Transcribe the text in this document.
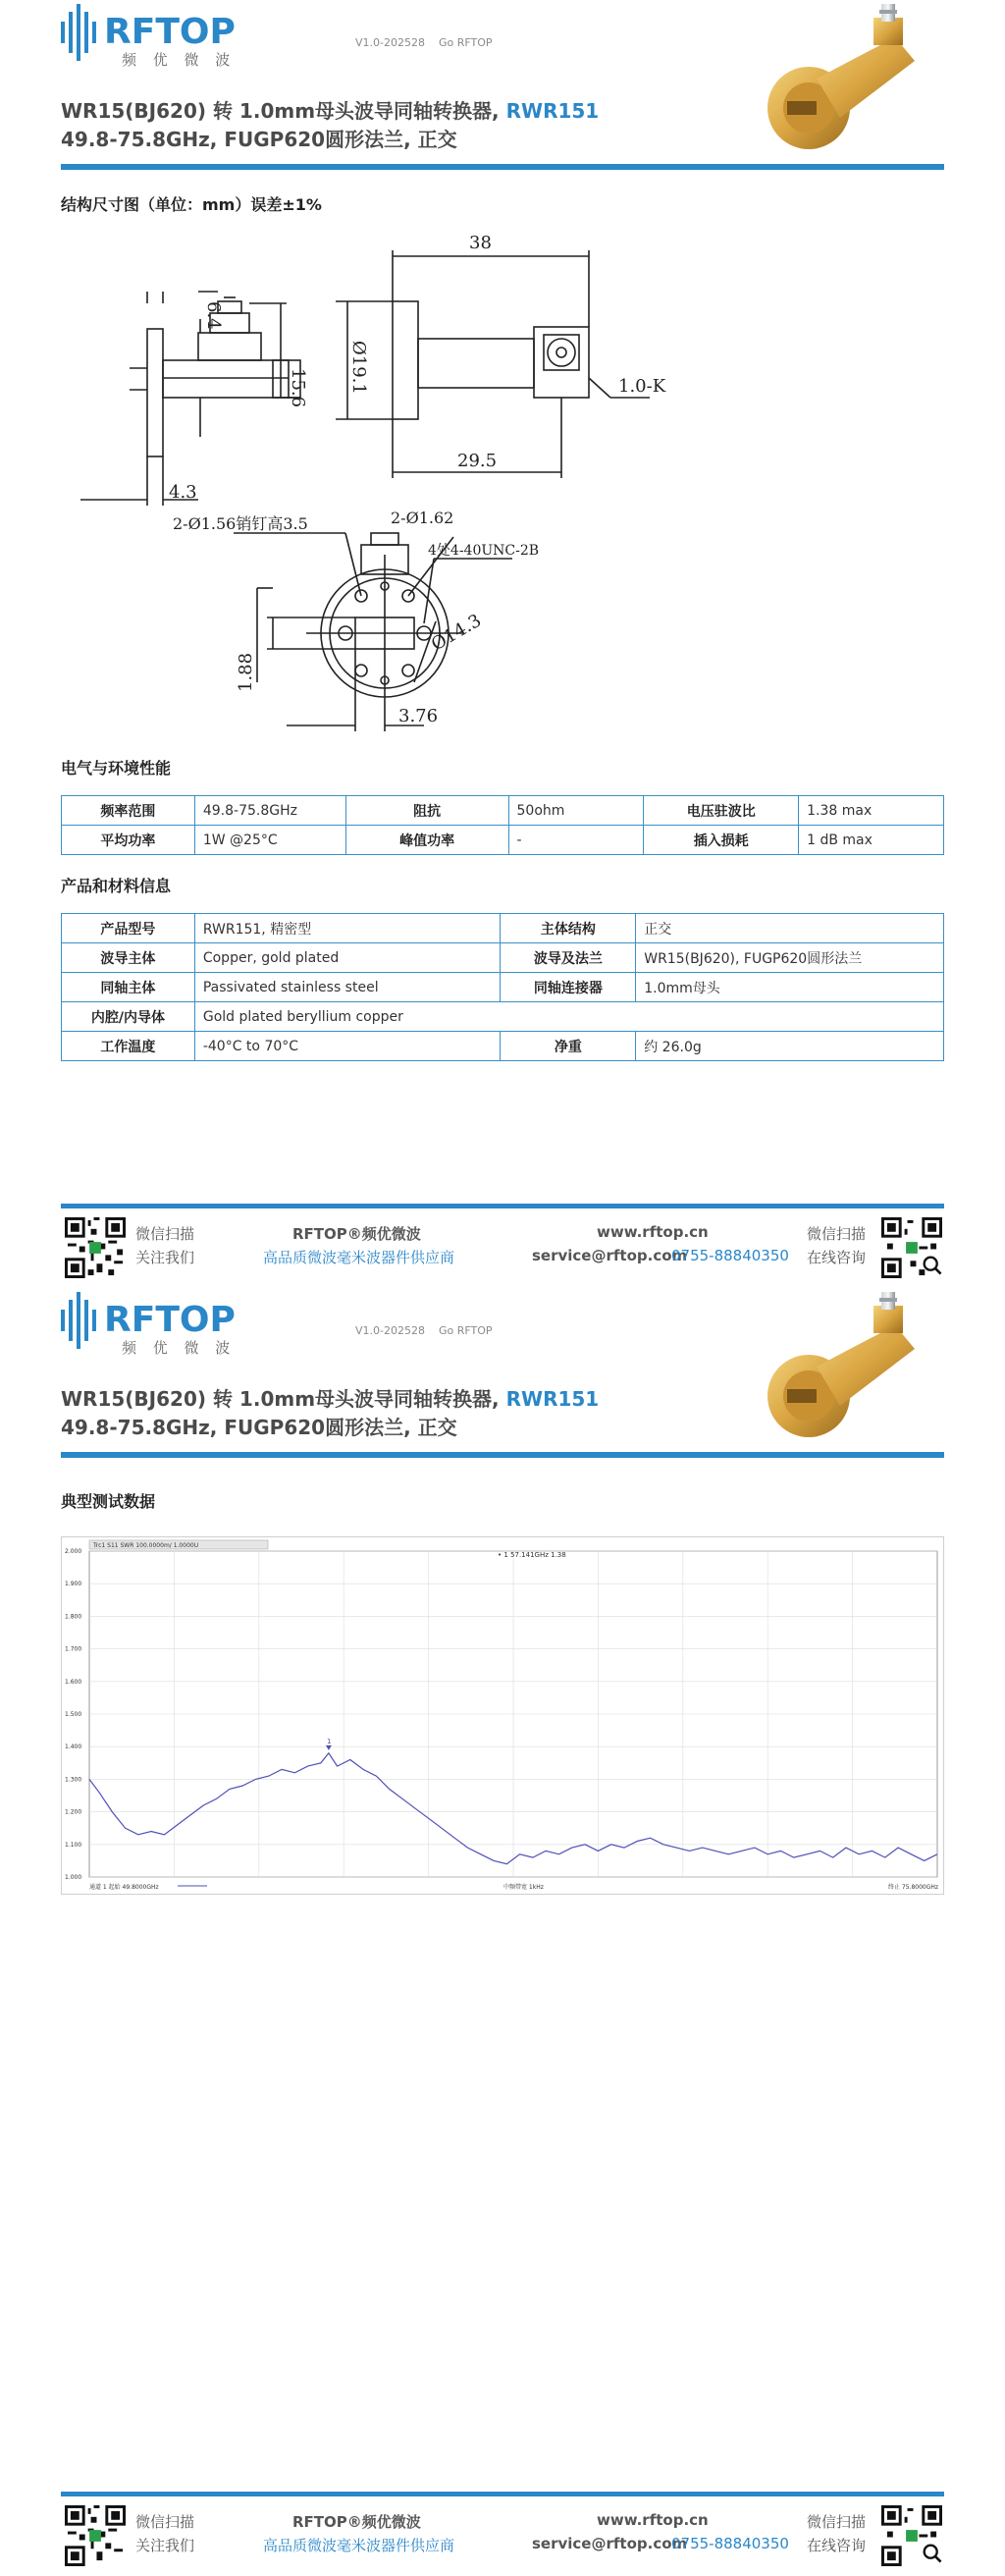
RFTOP
频 优 微 波
V1.0-202528 Go RFTOP
WR15(BJ620) 转 1.0mm母头波导同轴转换器, RWR151
49.8-75.8GHz, FUGP620圆形法兰, 正交
结构尺寸图（单位：mm）误差±1%
38
15.6 Ø19.1
6.4
4.3
29.5
1.0-K
2-Ø1.56销钉高3.5	2-Ø1.62
4处4-40UNC-2B
Ø14.3
1.88
3.76
电气与环境性能
频率范围	49.8-75.8GHz	阻抗	50ohm	电压驻波比	1.38 max
平均功率	1W @25°C	峰值功率	-	插入损耗	1 dB max
产品和材料信息
产品型号	RWR151, 精密型	主体结构	正交
波导主体	Copper, gold plated	波导及法兰	WR15(BJ620), FUGP620圆形法兰
同轴主体	Passivated stainless steel	同轴连接器	1.0mm母头
内腔/内导体	Gold plated beryllium copper		
工作温度	-40°C to 70°C	净重	约 26.0g
微信扫描
关注我们
RFTOP®频优微波
高品质微波毫米波器件供应商
www.rftop.cn
service@rftop.com
0755-88840350
微信扫描
在线咨询
RFTOP
频 优 微 波
V1.0-202528 Go RFTOP
WR15(BJ620) 转 1.0mm母头波导同轴转换器, RWR151
49.8-75.8GHz, FUGP620圆形法兰, 正交
典型测试数据
微信扫描
关注我们
RFTOP®频优微波
高品质微波毫米波器件供应商
www.rftop.cn
service@rftop.com
0755-88840350
微信扫描
在线咨询
2.000
1.900
1.800
1.700
1.600
1.500
1.400
1.300
1.200
1.100
1.000
Trc1 S11 SWR 100.0000m/ 1.0000U
• 1 57.141GHz 1.38
1
通道 1 起始 49.8000GHz	中频带宽 1kHz	终止 75.8000GHz
